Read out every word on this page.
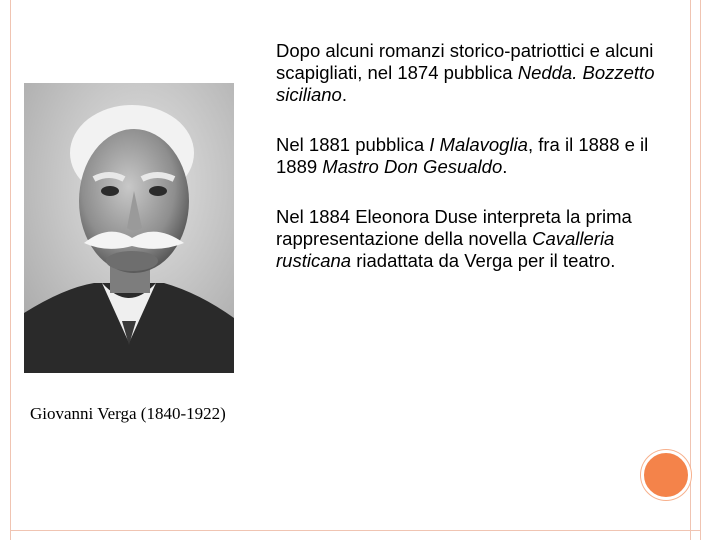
Giovanni Verga (1840-1922)

Dopo alcuni romanzi storico-patriottici e alcuni scapigliati, nel 1874 pubblica Nedda. Bozzetto siciliano.

Nel 1881 pubblica I Malavoglia, fra il 1888 e il 1889 Mastro Don Gesualdo.

Nel 1884 Eleonora Duse interpreta la prima rappresentazione della novella Cavalleria rusticana riadattata da Verga per il teatro.
